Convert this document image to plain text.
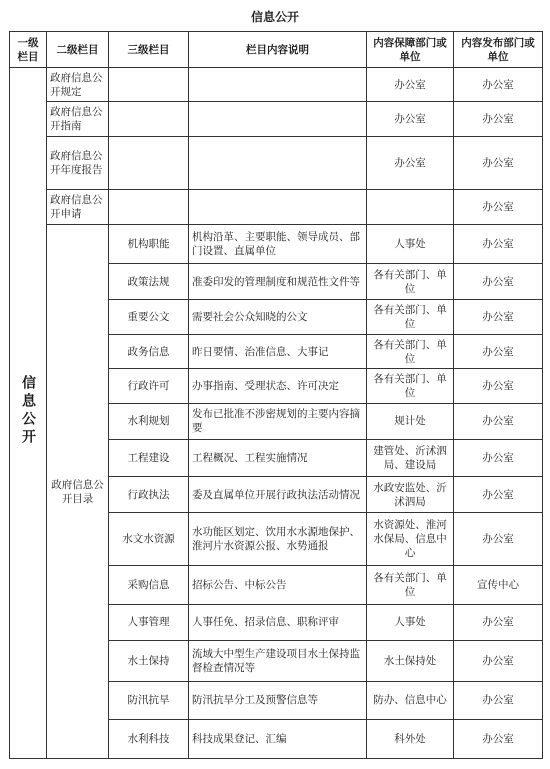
信息公开
一级栏目	二级栏目	三级栏目	栏目内容说明	内容保障部门或单位	内容发布部门或单位
信息公开	政府信息公开规定			办公室	办公室
	政府信息公开指南			办公室	办公室
	政府信息公开年度报告			办公室	办公室
	政府信息公开申请				办公室
	政府信息公开目录	机构职能	机构沿革、主要职能、领导成员、部门设置、直属单位	人事处	办公室
		政策法规	准委印发的管理制度和规范性文件等	各有关部门、单位	办公室
		重要公文	需要社会公众知晓的公文	各有关部门、单位	办公室
		政务信息	昨日要情、治准信息、大事记	各有关部门、单位	办公室
		行政许可	办事指南、受理状态、许可决定	各有关部门、单位	办公室
		水利规划	发布已批准不涉密规划的主要内容摘要	规计处	办公室
		工程建设	工程概况、工程实施情况	建管处、沂沭泗局、建设局	办公室
		行政执法	委及直属单位开展行政执法活动情况	水政安监处、沂沭泗局	办公室
		水文水资源	水功能区划定、饮用水水源地保护、淮河片水资源公报、水势通报	水资源处、淮河水保局、信息中心	办公室
		采购信息	招标公告、中标公告	各有关部门、单位	宣传中心
		人事管理	人事任免、招录信息、职称评审	人事处	办公室
		水土保持	流域大中型生产建设项目水土保持监督检查情况等	水土保持处	办公室
		防汛抗旱	防汛抗旱分工及预警信息等	防办、信息中心	办公室
		水利科技	科技成果登记、汇编	科外处	办公室
